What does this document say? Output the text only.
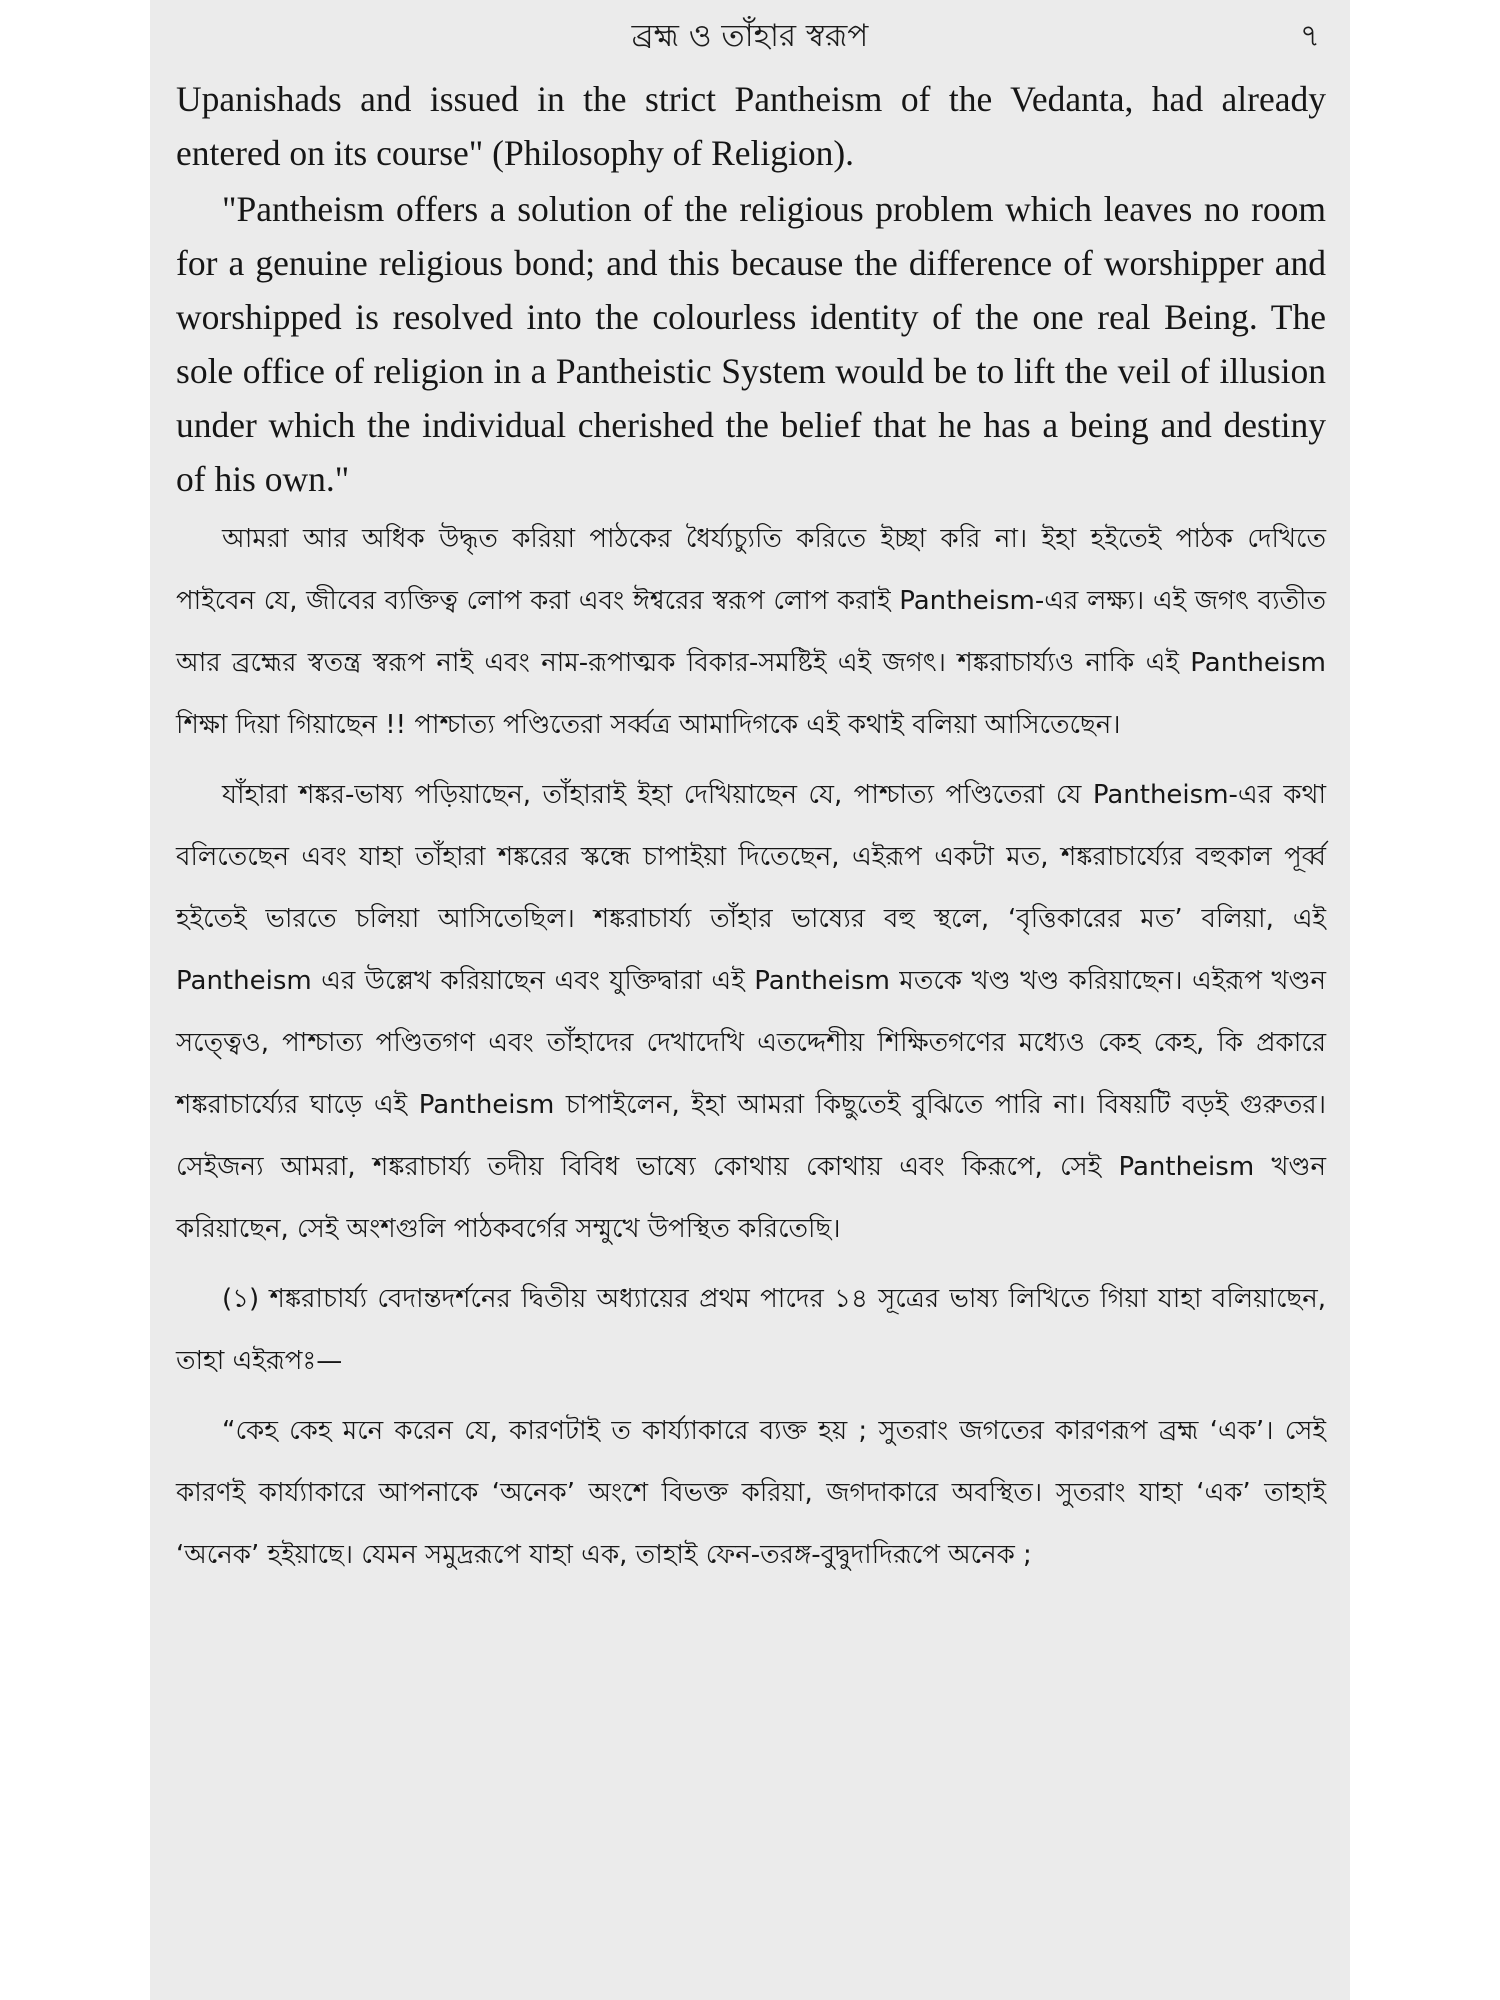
ব্রহ্ম ও তাঁহার স্বরূপ	৭

Upanishads and issued in the strict Pantheism of the Vedanta, had already entered on its course" (Philosophy of Religion).

"Pantheism offers a solution of the religious problem which leaves no room for a genuine religious bond; and this because the difference of worshipper and worshipped is resolved into the colourless identity of the one real Being. The sole office of religion in a Pantheistic System would be to lift the veil of illusion under which the individual cherished the belief that he has a being and destiny of his own."

আমরা আর অধিক উদ্ধৃত করিয়া পাঠকের ধৈর্য্যচ্যুতি করিতে ইচ্ছা করি না। ইহা হইতেই পাঠক দেখিতে পাইবেন যে, জীবের ব্যক্তিত্ব লোপ করা এবং ঈশ্বরের স্বরূপ লোপ করাই Pantheism-এর লক্ষ্য। এই জগৎ ব্যতীত আর ব্রহ্মের স্বতন্ত্র স্বরূপ নাই এবং নাম-রূপাত্মক বিকার-সমষ্টিই এই জগৎ। শঙ্করাচার্য্যও নাকি এই Pantheism শিক্ষা দিয়া গিয়াছেন !! পাশ্চাত্য পণ্ডিতেরা সর্ব্বত্র আমাদিগকে এই কথাই বলিয়া আসিতেছেন।

যাঁহারা শঙ্কর-ভাষ্য পড়িয়াছেন, তাঁহারাই ইহা দেখিয়াছেন যে, পাশ্চাত্য পণ্ডিতেরা যে Pantheism-এর কথা বলিতেছেন এবং যাহা তাঁহারা শঙ্করের স্কন্ধে চাপাইয়া দিতেছেন, এইরূপ একটা মত, শঙ্করাচার্য্যের বহুকাল পূর্ব্ব হইতেই ভারতে চলিয়া আসিতেছিল। শঙ্করাচার্য্য তাঁহার ভাষ্যের বহু স্থলে, ‘বৃত্তিকারের মত’ বলিয়া, এই Pantheism এর উল্লেখ করিয়াছেন এবং যুক্তিদ্বারা এই Pantheism মতকে খণ্ড খণ্ড করিয়াছেন। এইরূপ খণ্ডন সত্ত্বেও, পাশ্চাত্য পণ্ডিতগণ এবং তাঁহাদের দেখাদেখি এতদ্দেশীয় শিক্ষিতগণের মধ্যেও কেহ কেহ, কি প্রকারে শঙ্করাচার্য্যের ঘাড়ে এই Pantheism চাপাইলেন, ইহা আমরা কিছুতেই বুঝিতে পারি না। বিষয়টি বড়ই গুরুতর। সেইজন্য আমরা, শঙ্করাচার্য্য তদীয় বিবিধ ভাষ্যে কোথায় কোথায় এবং কিরূপে, সেই Pantheism খণ্ডন করিয়াছেন, সেই অংশগুলি পাঠকবর্গের সম্মুখে উপস্থিত করিতেছি।

(১) শঙ্করাচার্য্য বেদান্তদর্শনের দ্বিতীয় অধ্যায়ের প্রথম পাদের ১৪ সূত্রের ভাষ্য লিখিতে গিয়া যাহা বলিয়াছেন, তাহা এইরূপঃ—

“কেহ কেহ মনে করেন যে, কারণটাই ত কার্য্যাকারে ব্যক্ত হয় ; সুতরাং জগতের কারণরূপ ব্রহ্ম ‘এক’। সেই কারণই কার্য্যাকারে আপনাকে ‘অনেক’ অংশে বিভক্ত করিয়া, জগদাকারে অবস্থিত। সুতরাং যাহা ‘এক’ তাহাই ‘অনেক’ হইয়াছে। যেমন সমুদ্ররূপে যাহা এক, তাহাই ফেন-তরঙ্গ-বুদ্বুদাদিরূপে অনেক ;
